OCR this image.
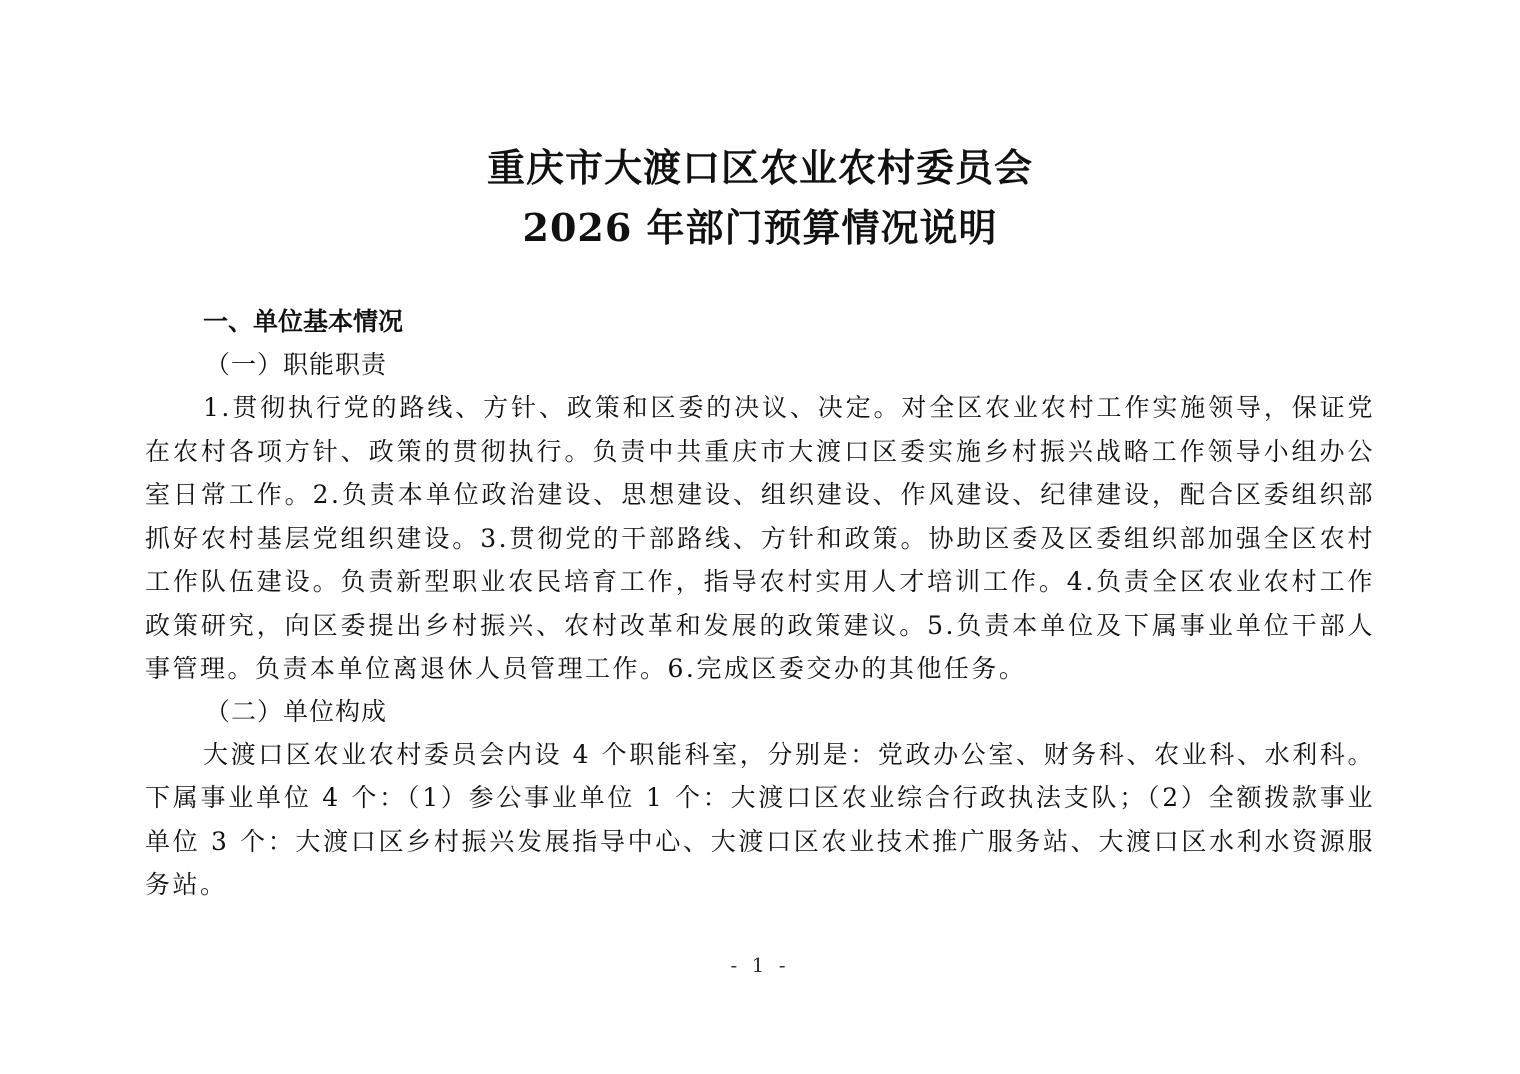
重庆市大渡口区农业农村委员会
2026 年部门预算情况说明

一、单位基本情况

（一）职能职责

1.贯彻执行党的路线、方针、政策和区委的决议、决定。对全区农业农村工作实施领导，保证党在农村各项方针、政策的贯彻执行。负责中共重庆市大渡口区委实施乡村振兴战略工作领导小组办公室日常工作。2.负责本单位政治建设、思想建设、组织建设、作风建设、纪律建设，配合区委组织部抓好农村基层党组织建设。3.贯彻党的干部路线、方针和政策。协助区委及区委组织部加强全区农村工作队伍建设。负责新型职业农民培育工作，指导农村实用人才培训工作。4.负责全区农业农村工作政策研究，向区委提出乡村振兴、农村改革和发展的政策建议。5.负责本单位及下属事业单位干部人事管理。负责本单位离退休人员管理工作。6.完成区委交办的其他任务。

（二）单位构成

大渡口区农业农村委员会内设 4 个职能科室，分别是：党政办公室、财务科、农业科、水利科。下属事业单位 4 个：（1）参公事业单位 1 个：大渡口区农业综合行政执法支队；（2）全额拨款事业单位 3 个：大渡口区乡村振兴发展指导中心、大渡口区农业技术推广服务站、大渡口区水利水资源服务站。

- 1 -
